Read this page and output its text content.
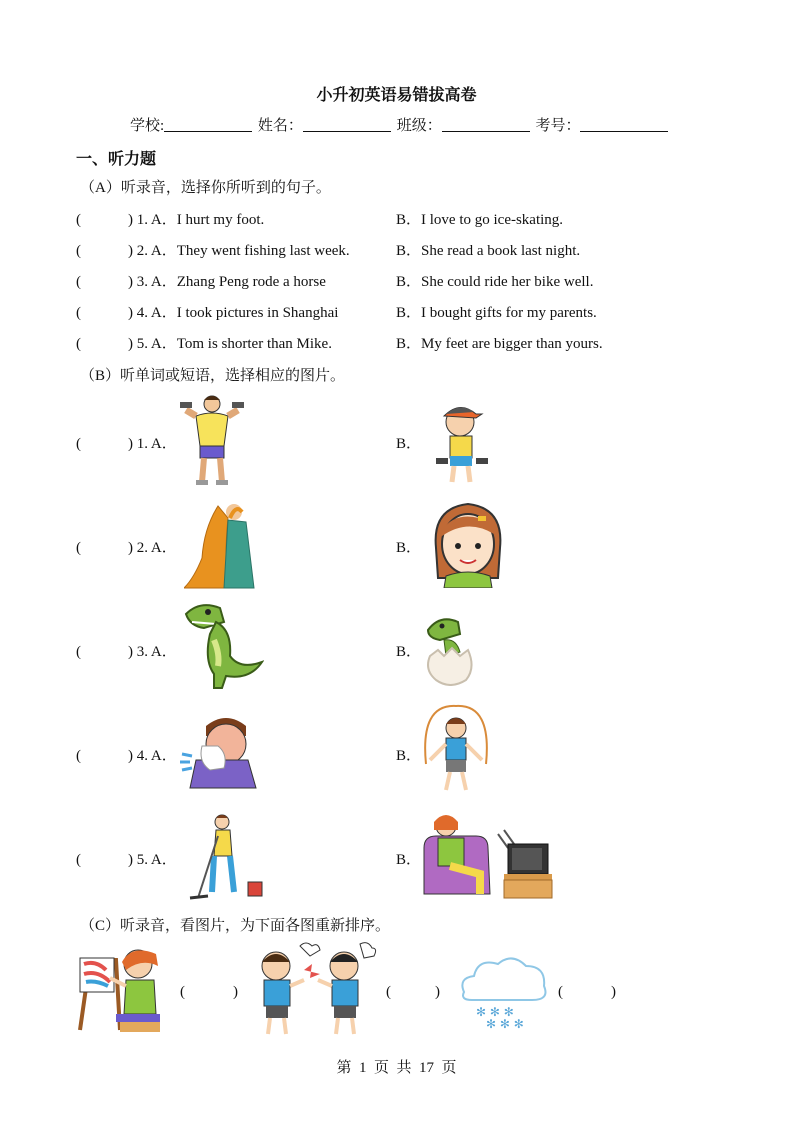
小升初英语易错拔高卷
学校:	姓名：	班级：	考号：
一、听力题
（A）听录音，选择你所听到的句子。
(	) 1. A．I hurt my foot.	B．I love to go ice-skating.
(	) 2. A．They went fishing last week.	B．She read a book last night.
(	) 3. A．Zhang Peng rode a horse	B．She could ride her bike well.
(	) 4. A．I took pictures in Shanghai	B．I bought gifts for my parents.
(	) 5. A．Tom is shorter than Mike.	B．My feet are bigger than yours.
（B）听单词或短语，选择相应的图片。
(	) 1. A．	B．
(	) 2. A．	B．
(	) 3. A．	B．
(	) 4. A．	B．
(	) 5. A．	B．
（C）听录音，看图片，为下面各图重新排序。
(	)	(	)
✻ ✻ ✻
✻ ✻ ✻
(	)
第  1  页  共  17  页
